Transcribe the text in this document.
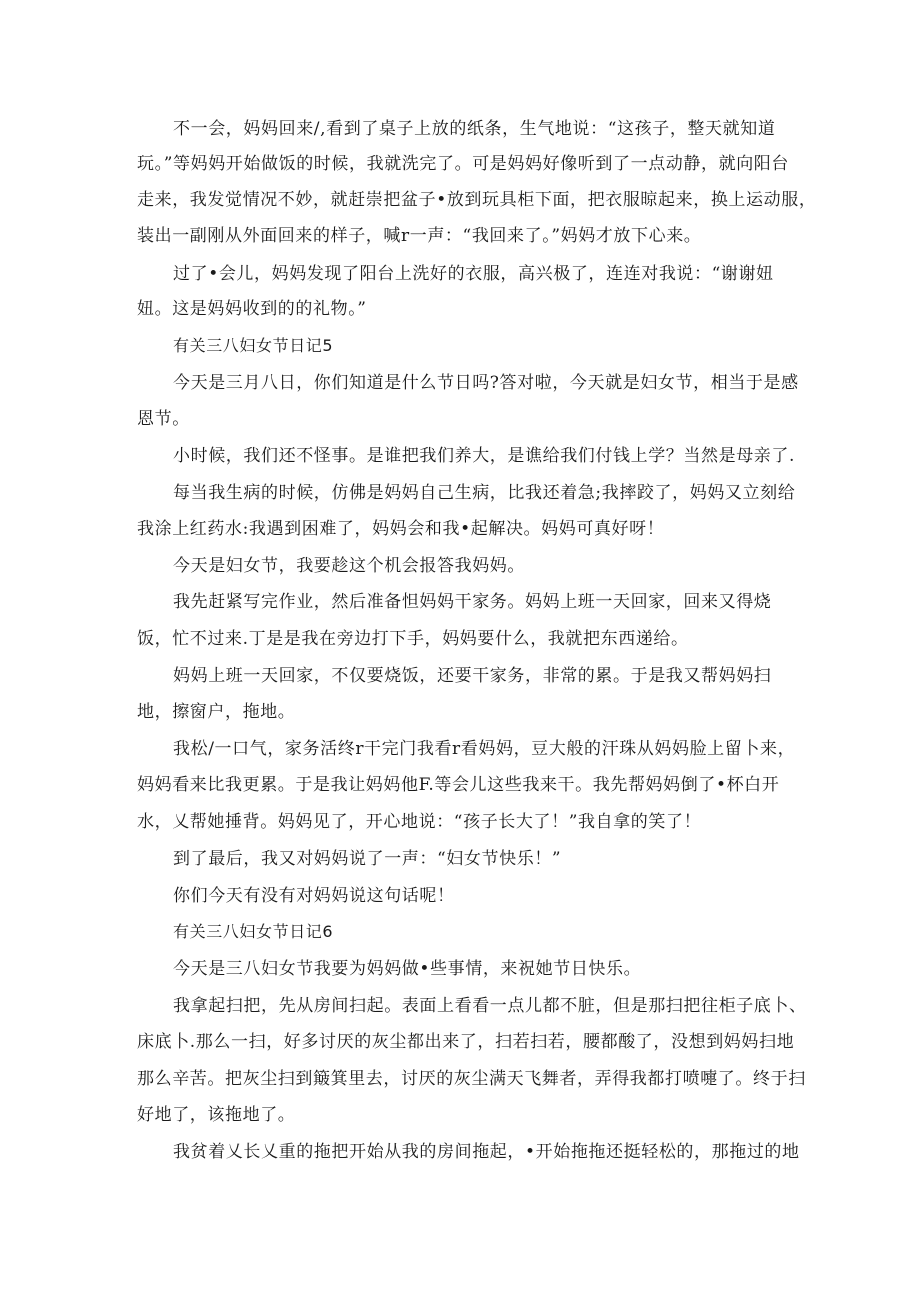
不一会，妈妈回来/,看到了桌子上放的纸条，生气地说：“这孩子，整天就知道
玩。”等妈妈开始做饭的时候，我就洗完了。可是妈妈好像听到了一点动静，就向阳台
走来，我发觉情况不妙，就赶崇把盆子•放到玩具柜下面，把衣服晾起来，换上运动服，
装出一副刚从外面回来的样子，喊r一声：“我回来了。”妈妈才放下心来。
过了•会儿，妈妈发现了阳台上洗好的衣服，高兴极了，连连对我说：“谢谢妞
妞。这是妈妈收到的的礼物。”
有关三八妇女节日记5
今天是三月八日，你们知道是什么节日吗?答对啦，今天就是妇女节，相当于是感
恩节。
小时候，我们还不怪事。是谁把我们养大，是谯给我们付钱上学？当然是母亲了.
每当我生病的时候，仿佛是妈妈自己生病，比我还着急;我摔跤了，妈妈又立刻给
我涂上红药水:我遇到困难了，妈妈会和我•起解决。妈妈可真好呀！
今天是妇女节，我要趁这个机会报答我妈妈。
我先赶紧写完作业，然后准备怛妈妈干家务。妈妈上班一天回家，回来又得烧
饭，忙不过来.丁是是我在旁边打下手，妈妈要什么，我就把东西递给。
妈妈上班一天回家，不仅要烧饭，还要干家务，非常的累。于是我又帮妈妈扫
地，擦窗户，拖地。
我松/一口气，家务活终r干完门我看r看妈妈，豆大般的汗珠从妈妈脸上留卜来，
妈妈看来比我更累。于是我让妈妈他F.等会儿这些我来干。我先帮妈妈倒了•杯白开
水，乂帮她捶背。妈妈见了，开心地说：“孩子长大了！”我自拿的笑了！
到了最后，我又对妈妈说了一声：“妇女节快乐！”
你们今天有没有对妈妈说这句话呢！
有关三八妇女节日记6
今天是三八妇女节我要为妈妈做•些事情，来祝她节日快乐。
我拿起扫把，先从房间扫起。表面上看看一点儿都不脏，但是那扫把往柜子底卜、
床底卜.那么一扫，好多讨厌的灰尘都出来了，扫若扫若，腰都酸了，没想到妈妈扫地
那么辛苦。把灰尘扫到簸箕里去，讨厌的灰尘满天飞舞者，弄得我都打喷嚏了。终于扫
好地了，该拖地了。
我贫着乂长乂重的拖把开始从我的房间拖起，•开始拖拖还挺轻松的，那拖过的地
